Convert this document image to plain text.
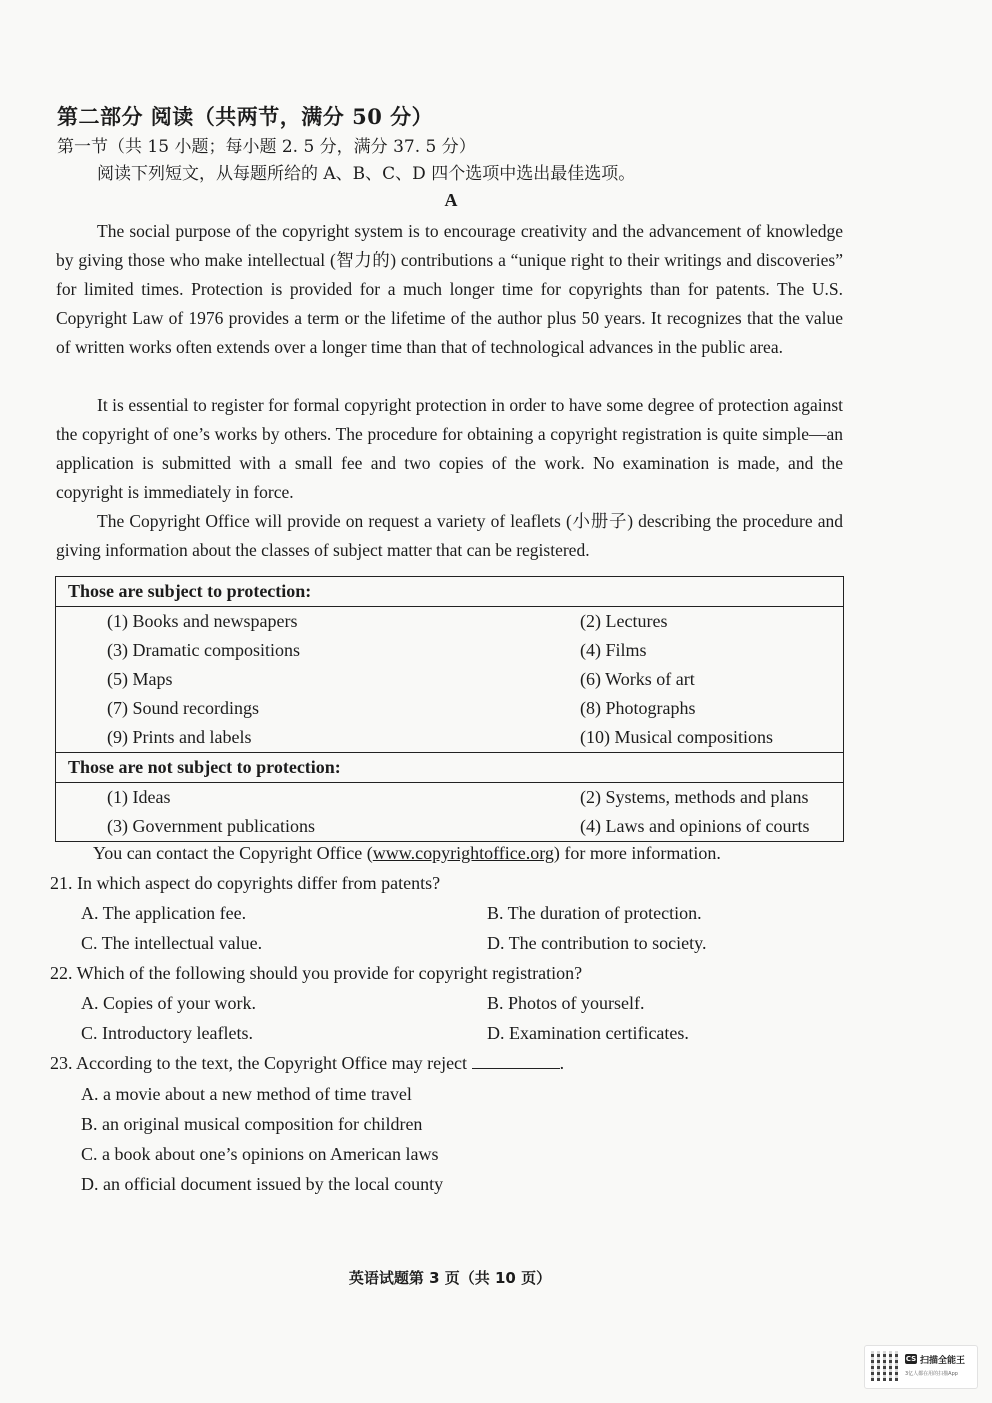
第二部分 阅读（共两节，满分 50 分）
第一节（共 15 小题；每小题 2. 5 分，满分 37. 5 分）
阅读下列短文，从每题所给的 A、B、C、D 四个选项中选出最佳选项。
A

The social purpose of the copyright system is to encourage creativity and the advancement of knowledge by giving those who make intellectual (智力的) contributions a “unique right to their writings and discoveries” for limited times. Protection is provided for a much longer time for copyrights than for patents. The U.S. Copyright Law of 1976 provides a term or the lifetime of the author plus 50 years. It recognizes that the value of written works often extends over a longer time than that of technological advances in the public area.

It is essential to register for formal copyright protection in order to have some degree of protection against the copyright of one’s works by others. The procedure for obtaining a copyright registration is quite simple—an application is submitted with a small fee and two copies of the work. No examination is made, and the copyright is immediately in force.

The Copyright Office will provide on request a variety of leaflets (小册子) describing the procedure and giving information about the classes of subject matter that can be registered.

Those are subject to protection:	
(1) Books and newspapers	(2) Lectures
(3) Dramatic compositions	(4) Films
(5) Maps	(6) Works of art
(7) Sound recordings	(8) Photographs
(9) Prints and labels	(10) Musical compositions
Those are not subject to protection:	
(1) Ideas	(2) Systems, methods and plans
(3) Government publications	(4) Laws and opinions of courts
You can contact the Copyright Office (www.copyrightoffice.org) for more information.
21. In which aspect do copyrights differ from patents?
A. The application fee.	B. The duration of protection.
C. The intellectual value.	D. The contribution to society.
22. Which of the following should you provide for copyright registration?
A. Copies of your work.	B. Photos of yourself.
C. Introductory leaflets.	D. Examination certificates.
23. According to the text, the Copyright Office may reject	.
A. a movie about a new method of time travel
B. an original musical composition for children
C. a book about one’s opinions on American laws
D. an official document issued by the local county
英语试题第 3 页（共 10 页）
CS 扫描全能王
3亿人都在用的扫描App
